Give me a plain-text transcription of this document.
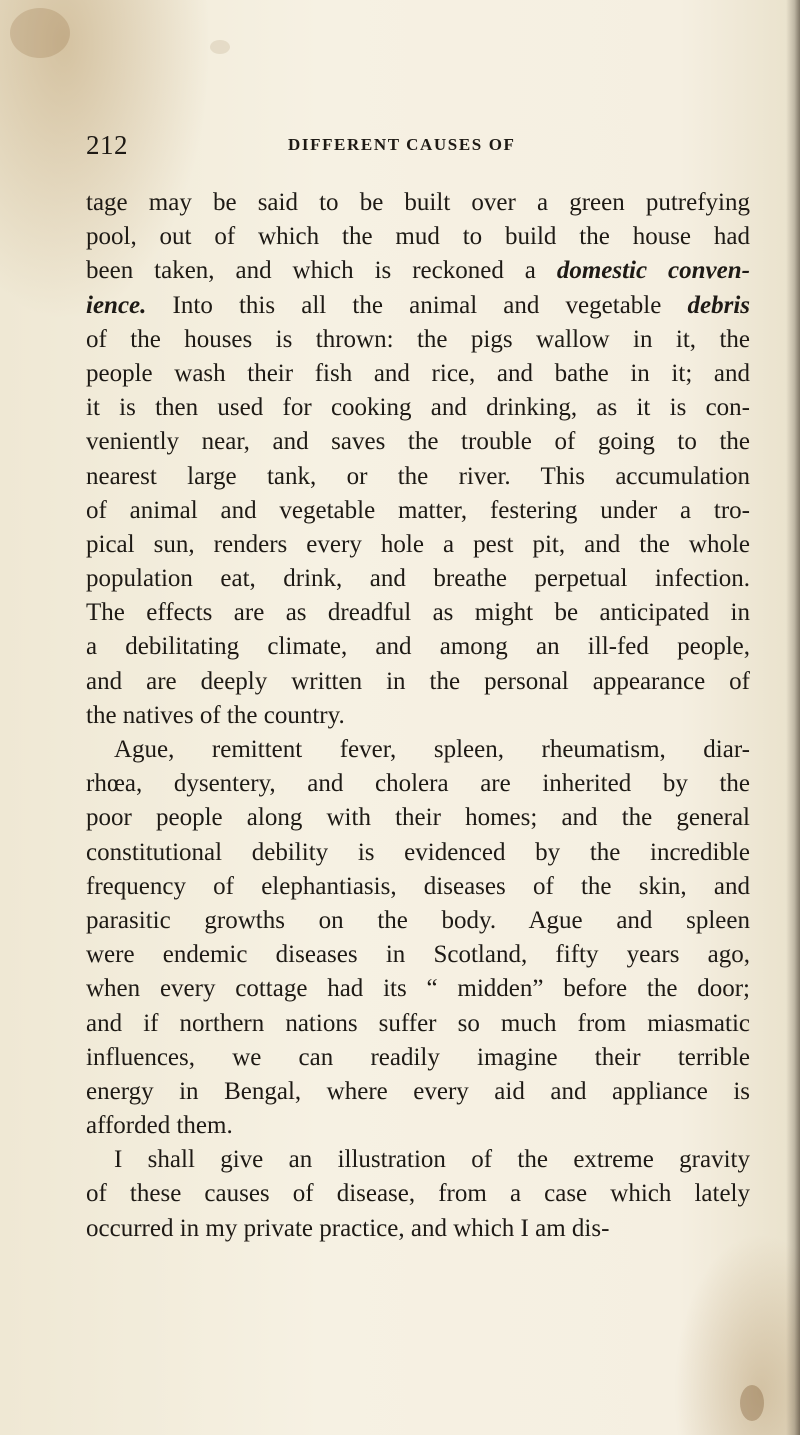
212	DIFFERENT CAUSES OF
tage may be said to be built over a green putrefying
pool, out of which the mud to build the house had
been taken, and which is reckoned a domestic conven-
ience. Into this all the animal and vegetable debris
of the houses is thrown: the pigs wallow in it, the
people wash their fish and rice, and bathe in it; and
it is then used for cooking and drinking, as it is con-
veniently near, and saves the trouble of going to the
nearest large tank, or the river. This accumulation
of animal and vegetable matter, festering under a tro-
pical sun, renders every hole a pest pit, and the whole
population eat, drink, and breathe perpetual infection.
The effects are as dreadful as might be anticipated in
a debilitating climate, and among an ill-fed people,
and are deeply written in the personal appearance of
the natives of the country.
Ague, remittent fever, spleen, rheumatism, diar-
rhœa, dysentery, and cholera are inherited by the
poor people along with their homes; and the general
constitutional debility is evidenced by the incredible
frequency of elephantiasis, diseases of the skin, and
parasitic growths on the body. Ague and spleen
were endemic diseases in Scotland, fifty years ago,
when every cottage had its “ midden” before the door;
and if northern nations suffer so much from miasmatic
influences, we can readily imagine their terrible
energy in Bengal, where every aid and appliance is
afforded them.
I shall give an illustration of the extreme gravity
of these causes of disease, from a case which lately
occurred in my private practice, and which I am dis-
